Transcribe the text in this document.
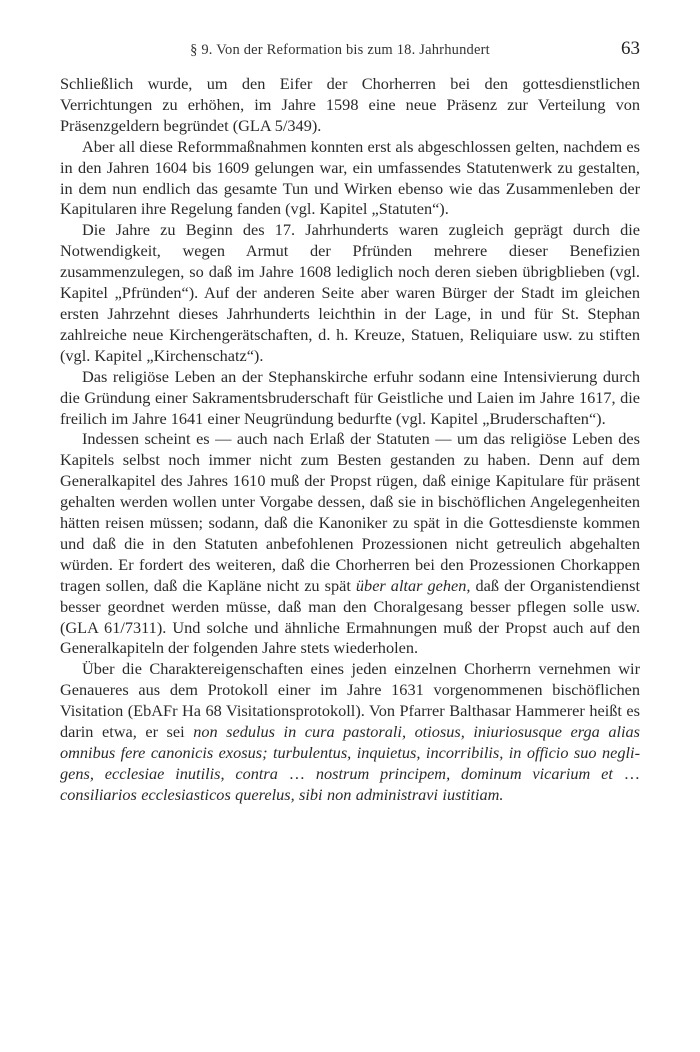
§ 9. Von der Reformation bis zum 18. Jahrhundert	63

Schließlich wurde, um den Eifer der Chorherren bei den gottesdienstlichen Verrichtungen zu erhöhen, im Jahre 1598 eine neue Präsenz zur Verteilung von Präsenzgeldern begründet (GLA 5/349).

Aber all diese Reformmaßnahmen konnten erst als abgeschlossen gelten, nachdem es in den Jahren 1604 bis 1609 gelungen war, ein umfassendes Statutenwerk zu gestalten, in dem nun endlich das gesamte Tun und Wirken ebenso wie das Zusammenleben der Kapitularen ihre Regelung fanden (vgl. Kapitel „Statuten“).

Die Jahre zu Beginn des 17. Jahrhunderts waren zugleich geprägt durch die Notwendigkeit, wegen Armut der Pfründen mehrere dieser Benefizien zusammenzulegen, so daß im Jahre 1608 lediglich noch deren sieben übrigblieben (vgl. Kapitel „Pfründen“). Auf der anderen Seite aber waren Bürger der Stadt im gleichen ersten Jahrzehnt dieses Jahrhunderts leichthin in der Lage, in und für St. Stephan zahlreiche neue Kirchengerätschaften, d. h. Kreuze, Statuen, Reliquiare usw. zu stiften (vgl. Kapitel „Kirchenschatz“).

Das religiöse Leben an der Stephanskirche erfuhr sodann eine Intensivierung durch die Gründung einer Sakramentsbruderschaft für Geistliche und Laien im Jahre 1617, die freilich im Jahre 1641 einer Neugründung bedurfte (vgl. Kapitel „Bruderschaften“).

Indessen scheint es — auch nach Erlaß der Statuten — um das religiöse Leben des Kapitels selbst noch immer nicht zum Besten gestanden zu haben. Denn auf dem Generalkapitel des Jahres 1610 muß der Propst rügen, daß einige Kapitulare für präsent gehalten werden wollen unter Vorgabe dessen, daß sie in bischöflichen Angelegenheiten hätten reisen müssen; sodann, daß die Kanoniker zu spät in die Gottesdienste kommen und daß die in den Statuten anbefohlenen Prozessionen nicht getreulich abgehalten würden. Er fordert des weiteren, daß die Chorherren bei den Prozessionen Chorkappen tragen sollen, daß die Kapläne nicht zu spät über altar gehen, daß der Organistendienst besser geordnet werden müsse, daß man den Choralgesang besser pflegen solle usw. (GLA 61/7311). Und solche und ähnliche Ermahnungen muß der Propst auch auf den Generalkapiteln der folgenden Jahre stets wiederholen.

Über die Charaktereigenschaften eines jeden einzelnen Chorherrn vernehmen wir Genaueres aus dem Protokoll einer im Jahre 1631 vorgenommenen bischöflichen Visitation (EbAFr Ha 68 Visitationsprotokoll). Von Pfarrer Balthasar Hammerer heißt es darin etwa, er sei non sedulus in cura pastorali, otiosus, iniuriosusque erga alias omnibus fere canonicis exosus; turbulentus, inquietus, incorribilis, in officio suo negligens, ecclesiae inutilis, contra … nostrum principem, dominum vicarium et … consiliarios ecclesiasticos querelus, sibi non administravi iustitiam.
